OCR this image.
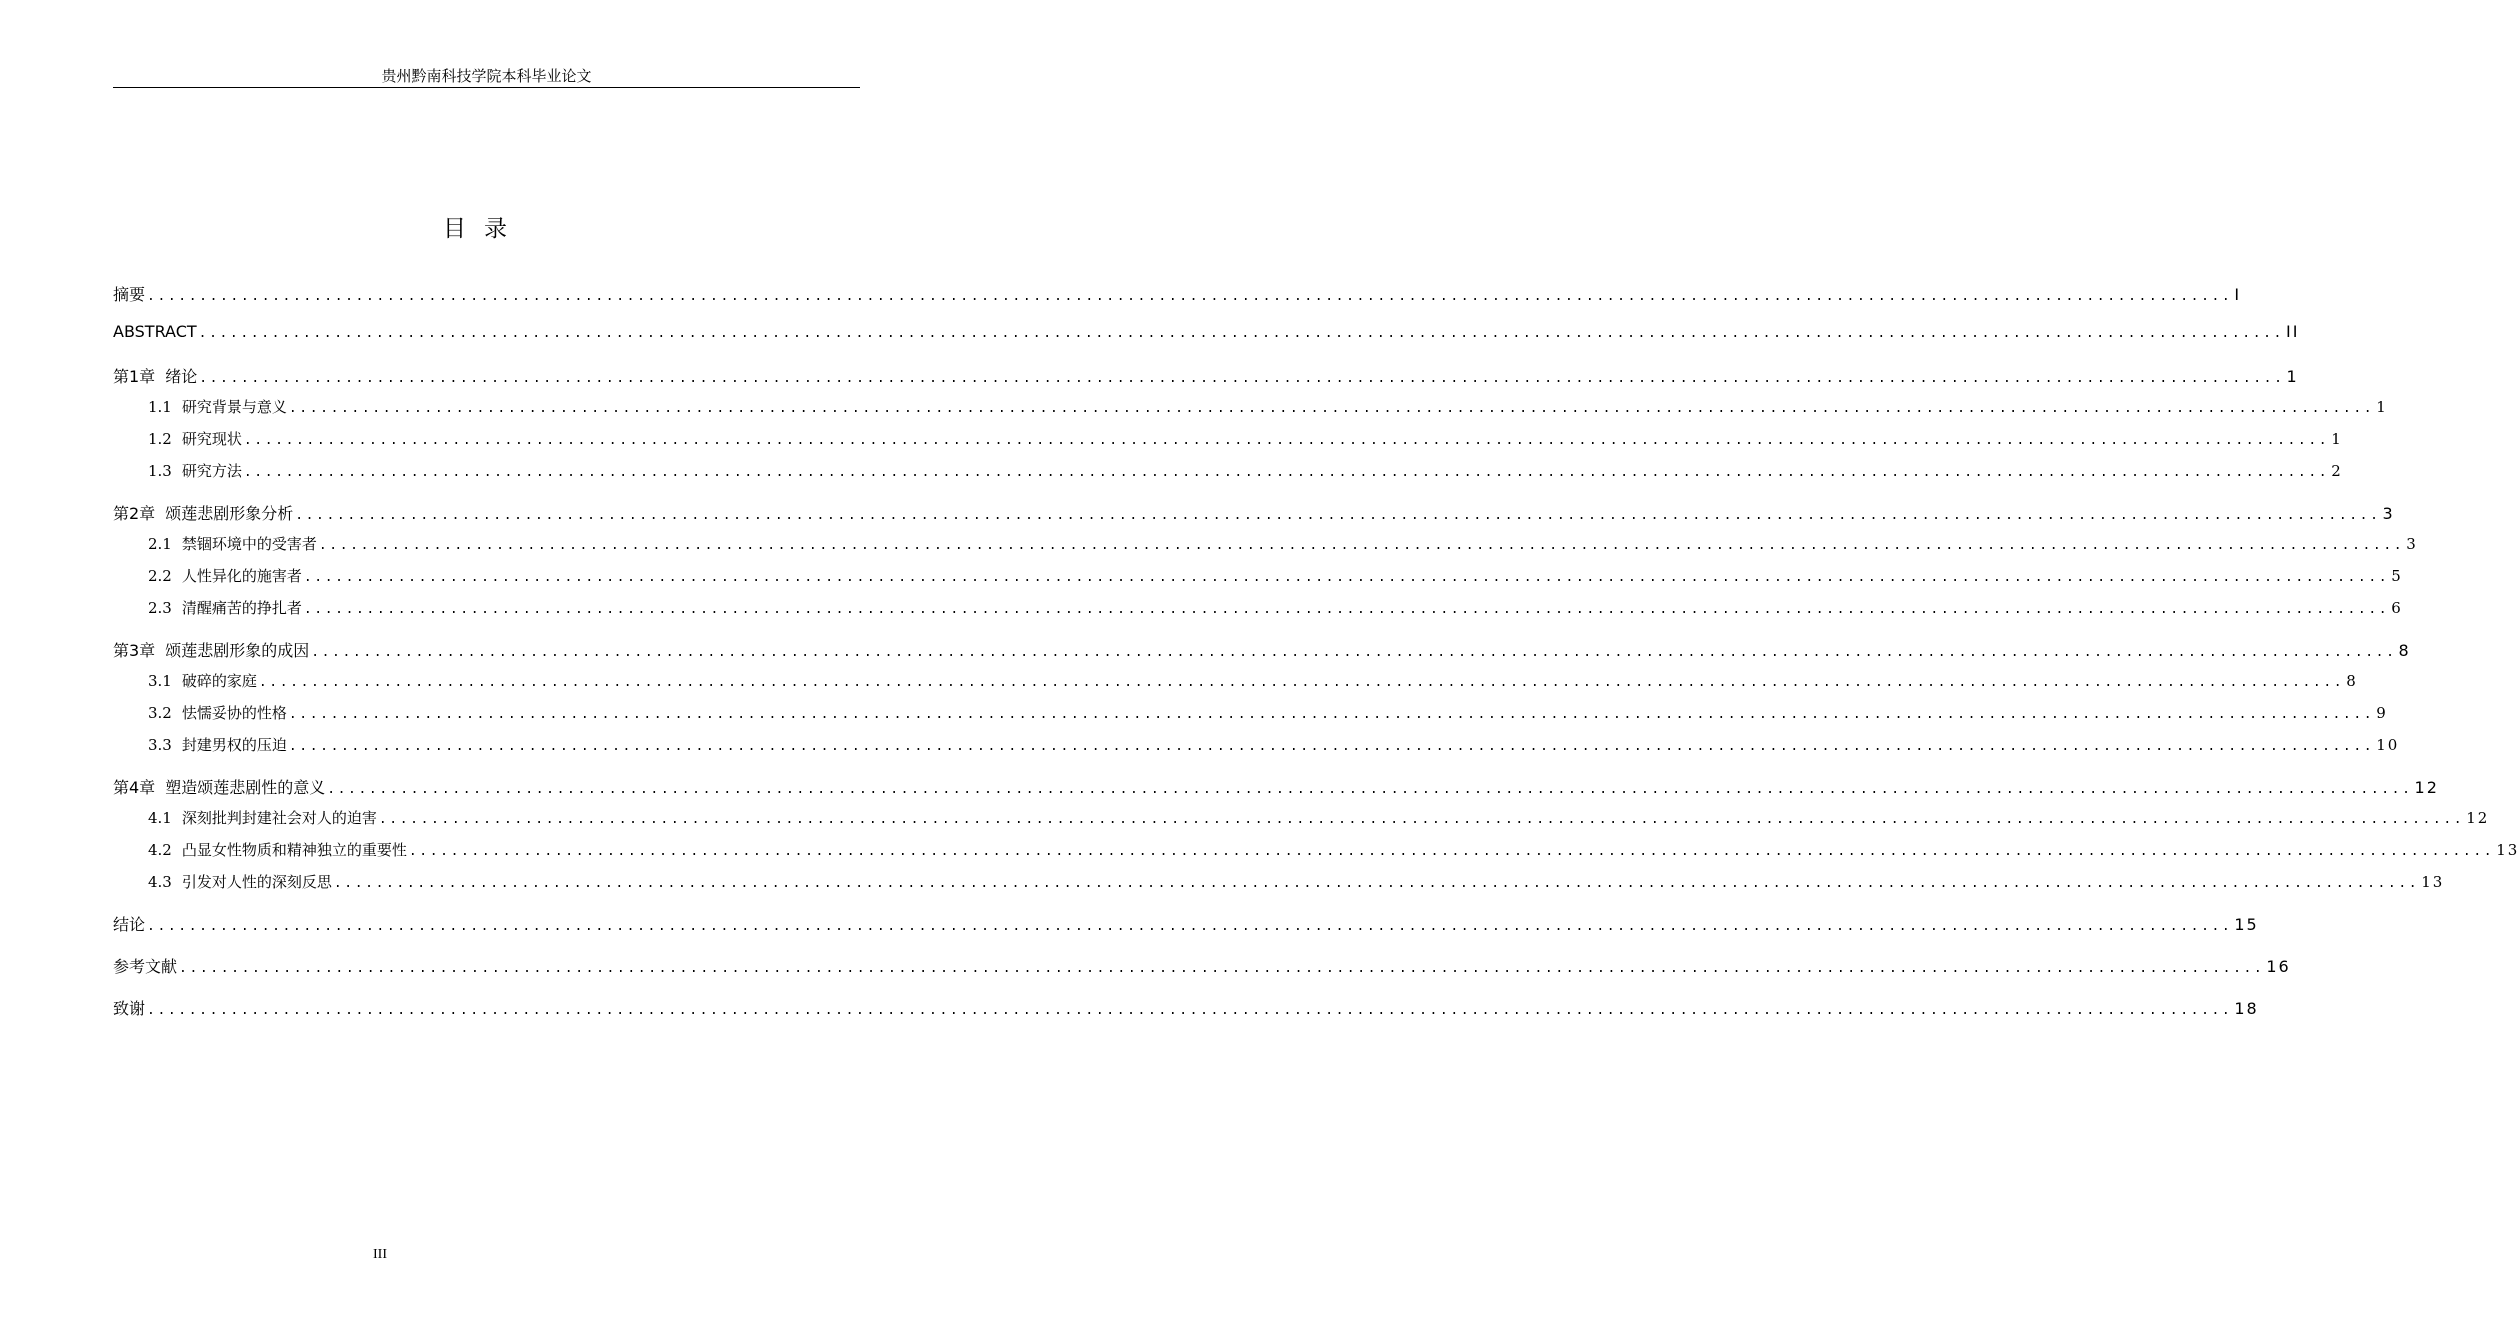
贵州黔南科技学院本科毕业论文
目录
摘要 ........................................................................................................................................................................................................ I
ABSTRACT ........................................................................................................................................................................................................ II
第1章 绪论 ........................................................................................................................................................................................................ 1
1.1 研究背景与意义 ........................................................................................................................................................................................................ 1
1.2 研究现状 ........................................................................................................................................................................................................ 1
1.3 研究方法 ........................................................................................................................................................................................................ 2
第2章 颂莲悲剧形象分析 ........................................................................................................................................................................................................ 3
2.1 禁锢环境中的受害者 ........................................................................................................................................................................................................ 3
2.2 人性异化的施害者 ........................................................................................................................................................................................................ 5
2.3 清醒痛苦的挣扎者 ........................................................................................................................................................................................................ 6
第3章 颂莲悲剧形象的成因 ........................................................................................................................................................................................................ 8
3.1 破碎的家庭 ........................................................................................................................................................................................................ 8
3.2 怯懦妥协的性格 ........................................................................................................................................................................................................ 9
3.3 封建男权的压迫 ........................................................................................................................................................................................................ 10
第4章 塑造颂莲悲剧性的意义 ........................................................................................................................................................................................................ 12
4.1 深刻批判封建社会对人的迫害 ........................................................................................................................................................................................................ 12
4.2 凸显女性物质和精神独立的重要性 ........................................................................................................................................................................................................ 13
4.3 引发对人性的深刻反思 ........................................................................................................................................................................................................ 13
结论 ........................................................................................................................................................................................................ 15
参考文献 ........................................................................................................................................................................................................ 16
致谢 ........................................................................................................................................................................................................ 18
III
